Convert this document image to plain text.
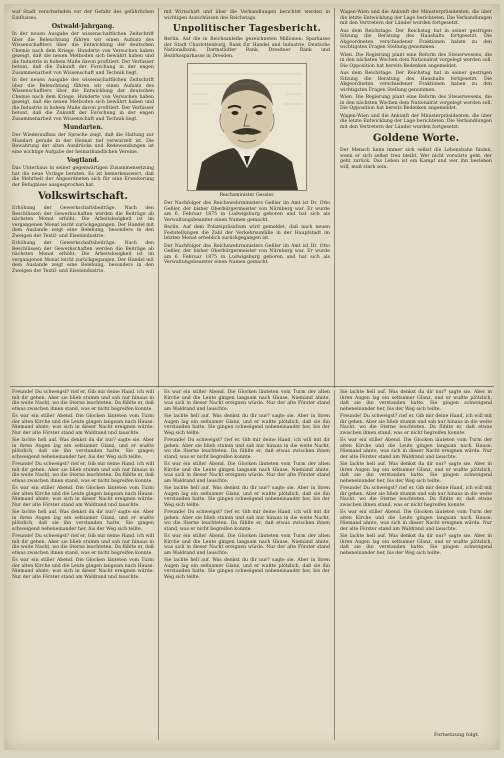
waf Stadt verschwinden vor der Gefahr des gefährlichen Einflusses.

Ostwald-Jahrgang.

In der neuen Ausgabe der wissenschaftlichen Zeitschrift über die Beleuchtung führen wir einen Aufsatz des Wissenschaftlers über die Entwicklung der deutschen Chemie nach dem Kriege. Hunderte von Versuchen haben gezeigt, daß die neuen Methoden sich bewährt haben und die Industrie in hohem Maße davon profitiert. Der Verfasser betont, daß die Zukunft der Forschung in der engen Zusammenarbeit von Wissenschaft und Technik liegt.

In der neuen Ausgabe der wissenschaftlichen Zeitschrift über die Beleuchtung führen wir einen Aufsatz des Wissenschaftlers über die Entwicklung der deutschen Chemie nach dem Kriege. Hunderte von Versuchen haben gezeigt, daß die neuen Methoden sich bewährt haben und die Industrie in hohem Maße davon profitiert. Der Verfasser betont, daß die Zukunft der Forschung in der engen Zusammenarbeit von Wissenschaft und Technik liegt.

Mundarten.

Der Wiederaufbau der Sprache zeigt, daß die Haltung zur Mundart gerade in der Heimat tief verwurzelt ist. Die Bewahrung der alten Ausdrücke und Redewendungen ist eine wichtige Aufgabe der heimatkundlichen Vereine.

Vogtland.

Das Unterhaus in seiner gegenwärtigen Zusammensetzung hat die neue Vorlage beraten. Es ist bemerkenswert, daß die Mehrheit der Abgeordneten sich für eine Erweiterung der Befugnisse ausgesprochen hat.

Volkswirtschaft.

Erhöhung der Gewerkschaftsbeiträge. Nach den Beschlüssen der Gewerkschaften werden die Beiträge ab nächsten Monat erhöht. Die Arbeitslosigkeit ist im vergangenen Monat leicht zurückgegangen. Der Handel mit dem Auslande zeigt eine Belebung, besonders in den Zweigen der Textil- und Eisenindustrie.

Erhöhung der Gewerkschaftsbeiträge. Nach den Beschlüssen der Gewerkschaften werden die Beiträge ab nächsten Monat erhöht. Die Arbeitslosigkeit ist im vergangenen Monat leicht zurückgegangen. Der Handel mit dem Auslande zeigt eine Belebung, besonders in den Zweigen der Textil- und Eisenindustrie.

mit Wirtschaft und über die Verhandlungen berichtet werden in wichtigen Ausschüssen des Reichstags.

Unpolitischer Tagesbericht.

Berlin. Auf die in Reichsanleihe gezeichneten Millionen: Sparkasse der Stadt Charlottenburg, Bank für Handel und Industrie, Deutsche Nationalbank, Darmstädter Bank, Dresdner Bank und Bezirkssparkasse in Dresden.

Reichsminister Gessler.

Der Nachfolger des Reichswehrministers Geßler im Amt ist Dr. Otto Geßler, der bisher Oberbürgermeister von Nürnberg war. Er wurde am 6. Februar 1875 in Ludwigsburg geboren und hat sich als Verwaltungsbeamter einen Namen gemacht.

Berlin. Auf dem Polizeipräsidium wird gemeldet, daß nach neuen Feststellungen die Zahl der Verkehrsunfälle in der Hauptstadt im letzten Monat erheblich zurückgegangen ist.

Der Nachfolger des Reichswehrministers Geßler im Amt ist Dr. Otto Geßler, der bisher Oberbürgermeister von Nürnberg war. Er wurde am 6. Februar 1875 in Ludwigsburg geboren und hat sich als Verwaltungsbeamter einen Namen gemacht.

Wagen-Wien und die Ankunft der Ministerpräsidenten, die über die letzte Entwicklung der Lage berichteten. Die Verhandlungen mit den Vertretern der Länder wurden fortgesetzt.

Aus dem Reichstage. Der Reichstag hat in seiner gestrigen Sitzung die Beratung des Haushalts fortgesetzt. Die Abgeordneten verschiedener Fraktionen haben zu den wichtigsten Fragen Stellung genommen.

Wien. Die Regierung plant eine Reform des Steuerwesens, die in den nächsten Wochen dem Nationalrat vorgelegt werden soll. Die Opposition hat bereits Bedenken angemeldet.

Aus dem Reichstage. Der Reichstag hat in seiner gestrigen Sitzung die Beratung des Haushalts fortgesetzt. Die Abgeordneten verschiedener Fraktionen haben zu den wichtigsten Fragen Stellung genommen.

Wien. Die Regierung plant eine Reform des Steuerwesens, die in den nächsten Wochen dem Nationalrat vorgelegt werden soll. Die Opposition hat bereits Bedenken angemeldet.

Wagen-Wien und die Ankunft der Ministerpräsidenten, die über die letzte Entwicklung der Lage berichteten. Die Verhandlungen mit den Vertretern der Länder wurden fortgesetzt.

Goldene Worte.

Der Mensch kann immer sich selbst die Lebensbahn finden, wenn er sich selbst treu bleibt. Wer nicht vorwärts geht, der geht zurück. Das Leben ist ein Kampf und wer ihn bestehen will, muß stark sein.

Freunde! Du schweigst? rief er. Gib mir deine Hand, ich will mit dir gehen. Aber sie blieb stumm und sah nur hinaus in die weite Nacht, wo die Sterne leuchteten. Da fühlte er, daß etwas zwischen ihnen stand, was er nicht begreifen konnte.

Es war ein stiller Abend. Die Glocken läuteten vom Turm der alten Kirche und die Leute gingen langsam nach Hause. Niemand ahnte, was sich in dieser Nacht ereignen würde. Nur der alte Förster stand am Waldrand und lauschte.

Sie lachte hell auf. Was denkst du dir nur? sagte sie. Aber in ihren Augen lag ein seltsamer Glanz, und er wußte plötzlich, daß sie ihn verstanden hatte. Sie gingen schweigend nebeneinander her, bis der Weg sich teilte.

Freunde! Du schweigst? rief er. Gib mir deine Hand, ich will mit dir gehen. Aber sie blieb stumm und sah nur hinaus in die weite Nacht, wo die Sterne leuchteten. Da fühlte er, daß etwas zwischen ihnen stand, was er nicht begreifen konnte.

Es war ein stiller Abend. Die Glocken läuteten vom Turm der alten Kirche und die Leute gingen langsam nach Hause. Niemand ahnte, was sich in dieser Nacht ereignen würde. Nur der alte Förster stand am Waldrand und lauschte.

Sie lachte hell auf. Was denkst du dir nur? sagte sie. Aber in ihren Augen lag ein seltsamer Glanz, und er wußte plötzlich, daß sie ihn verstanden hatte. Sie gingen schweigend nebeneinander her, bis der Weg sich teilte.

Freunde! Du schweigst? rief er. Gib mir deine Hand, ich will mit dir gehen. Aber sie blieb stumm und sah nur hinaus in die weite Nacht, wo die Sterne leuchteten. Da fühlte er, daß etwas zwischen ihnen stand, was er nicht begreifen konnte.

Es war ein stiller Abend. Die Glocken läuteten vom Turm der alten Kirche und die Leute gingen langsam nach Hause. Niemand ahnte, was sich in dieser Nacht ereignen würde. Nur der alte Förster stand am Waldrand und lauschte.

Es war ein stiller Abend. Die Glocken läuteten vom Turm der alten Kirche und die Leute gingen langsam nach Hause. Niemand ahnte, was sich in dieser Nacht ereignen würde. Nur der alte Förster stand am Waldrand und lauschte.

Sie lachte hell auf. Was denkst du dir nur? sagte sie. Aber in ihren Augen lag ein seltsamer Glanz, und er wußte plötzlich, daß sie ihn verstanden hatte. Sie gingen schweigend nebeneinander her, bis der Weg sich teilte.

Freunde! Du schweigst? rief er. Gib mir deine Hand, ich will mit dir gehen. Aber sie blieb stumm und sah nur hinaus in die weite Nacht, wo die Sterne leuchteten. Da fühlte er, daß etwas zwischen ihnen stand, was er nicht begreifen konnte.

Es war ein stiller Abend. Die Glocken läuteten vom Turm der alten Kirche und die Leute gingen langsam nach Hause. Niemand ahnte, was sich in dieser Nacht ereignen würde. Nur der alte Förster stand am Waldrand und lauschte.

Sie lachte hell auf. Was denkst du dir nur? sagte sie. Aber in ihren Augen lag ein seltsamer Glanz, und er wußte plötzlich, daß sie ihn verstanden hatte. Sie gingen schweigend nebeneinander her, bis der Weg sich teilte.

Freunde! Du schweigst? rief er. Gib mir deine Hand, ich will mit dir gehen. Aber sie blieb stumm und sah nur hinaus in die weite Nacht, wo die Sterne leuchteten. Da fühlte er, daß etwas zwischen ihnen stand, was er nicht begreifen konnte.

Es war ein stiller Abend. Die Glocken läuteten vom Turm der alten Kirche und die Leute gingen langsam nach Hause. Niemand ahnte, was sich in dieser Nacht ereignen würde. Nur der alte Förster stand am Waldrand und lauschte.

Sie lachte hell auf. Was denkst du dir nur? sagte sie. Aber in ihren Augen lag ein seltsamer Glanz, und er wußte plötzlich, daß sie ihn verstanden hatte. Sie gingen schweigend nebeneinander her, bis der Weg sich teilte.

Sie lachte hell auf. Was denkst du dir nur? sagte sie. Aber in ihren Augen lag ein seltsamer Glanz, und er wußte plötzlich, daß sie ihn verstanden hatte. Sie gingen schweigend nebeneinander her, bis der Weg sich teilte.

Freunde! Du schweigst? rief er. Gib mir deine Hand, ich will mit dir gehen. Aber sie blieb stumm und sah nur hinaus in die weite Nacht, wo die Sterne leuchteten. Da fühlte er, daß etwas zwischen ihnen stand, was er nicht begreifen konnte.

Es war ein stiller Abend. Die Glocken läuteten vom Turm der alten Kirche und die Leute gingen langsam nach Hause. Niemand ahnte, was sich in dieser Nacht ereignen würde. Nur der alte Förster stand am Waldrand und lauschte.

Sie lachte hell auf. Was denkst du dir nur? sagte sie. Aber in ihren Augen lag ein seltsamer Glanz, und er wußte plötzlich, daß sie ihn verstanden hatte. Sie gingen schweigend nebeneinander her, bis der Weg sich teilte.

Freunde! Du schweigst? rief er. Gib mir deine Hand, ich will mit dir gehen. Aber sie blieb stumm und sah nur hinaus in die weite Nacht, wo die Sterne leuchteten. Da fühlte er, daß etwas zwischen ihnen stand, was er nicht begreifen konnte.

Es war ein stiller Abend. Die Glocken läuteten vom Turm der alten Kirche und die Leute gingen langsam nach Hause. Niemand ahnte, was sich in dieser Nacht ereignen würde. Nur der alte Förster stand am Waldrand und lauschte.

Sie lachte hell auf. Was denkst du dir nur? sagte sie. Aber in ihren Augen lag ein seltsamer Glanz, und er wußte plötzlich, daß sie ihn verstanden hatte. Sie gingen schweigend nebeneinander her, bis der Weg sich teilte.

Fortsetzung folgt.
